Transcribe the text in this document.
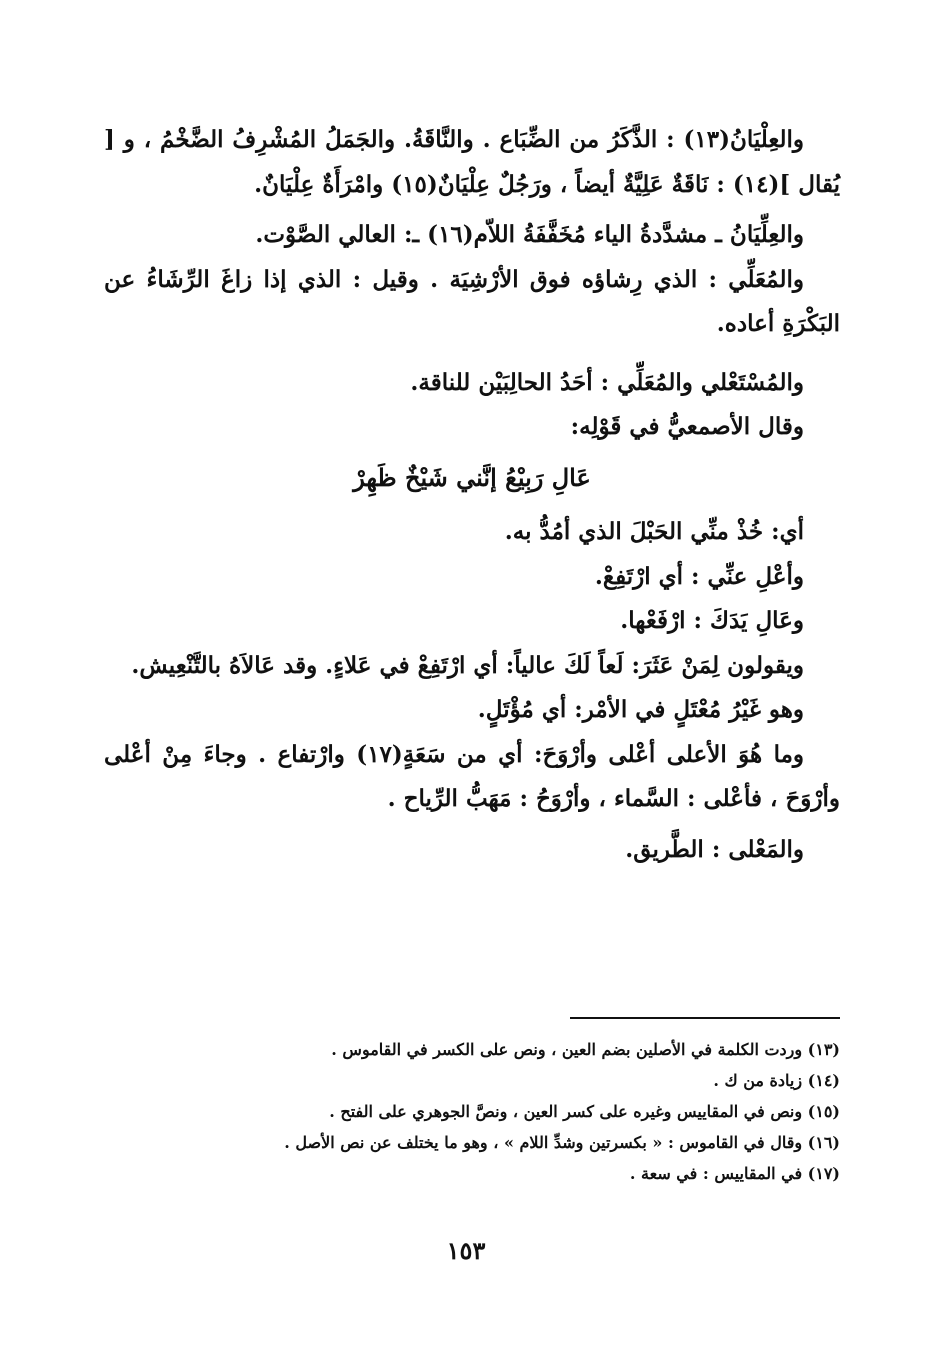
والعِلْيَانُ(١٣) : الذَّكَرُ من الضِّبَاع . والنَّاقَةُ. والجَمَلُ المُشْرِفُ الضَّخْمُ ، و [ يُقال ](١٤) : نَاقَةٌ عَلِيَّةٌ أيضاً ، ورَجُلٌ عِلْيَانٌ(١٥) وامْرَأَةٌ عِلْيَانٌ.

والعِلِّيَانُ ـ مشدَّدةُ الياء مُخَفَّفَةُ اللاّم(١٦) ـ: العالي الصَّوْت.

والمُعَلِّي : الذي رِشاؤه فوق الأرْشِيَة . وقيل : الذي إذا زاغَ الرِّشَاءُ عن البَكْرَةِ أعاده.

والمُسْتَعْلي والمُعَلِّي : أحَدُ الحالِبَيْن للناقة.

وقال الأصمعيُّ في قَوْلِه:

عَالِ رَبِيْعُ إنَّني شَيْخٌ ظَهِرْ

أي: خُذْ منِّي الحَبْلَ الذي أمُدُّ به.

وأعْلِ عنِّي : أي ارْتَفِعْ.

وعَالِ يَدَكَ : ارْفَعْها.

ويقولون لِمَنْ عَثَرَ: لَعاً لَكَ عالياً: أي ارْتَفِعْ في عَلاءٍ. وقد عَالاَهُ بالتَّنْعِيش.

وهو غَيْرُ مُعْتَلٍ في الأمْر: أي مُؤْتَلٍ.

وما هُوَ الأعلى أعْلى وأرْوَحَ: أي من سَعَةٍ(١٧) وارْتفاع . وجاءَ مِنْ أعْلى وأرْوَحَ ، فأعْلى : السَّماء ، وأرْوَحُ : مَهَبُّ الرِّياح .

والمَعْلى : الطَّريق.

(١٣) وردت الكلمة في الأصلين بضم العين ، ونص على الكسر في القاموس .

(١٤) زيادة من ك .

(١٥) ونص في المقاييس وغيره على كسر العين ، ونصَّ الجوهري على الفتح .

(١٦) وقال في القاموس : « بكسرتين وشدِّ اللام » ، وهو ما يختلف عن نص الأصل .

(١٧) في المقاييس : في سعة .

١٥٣
